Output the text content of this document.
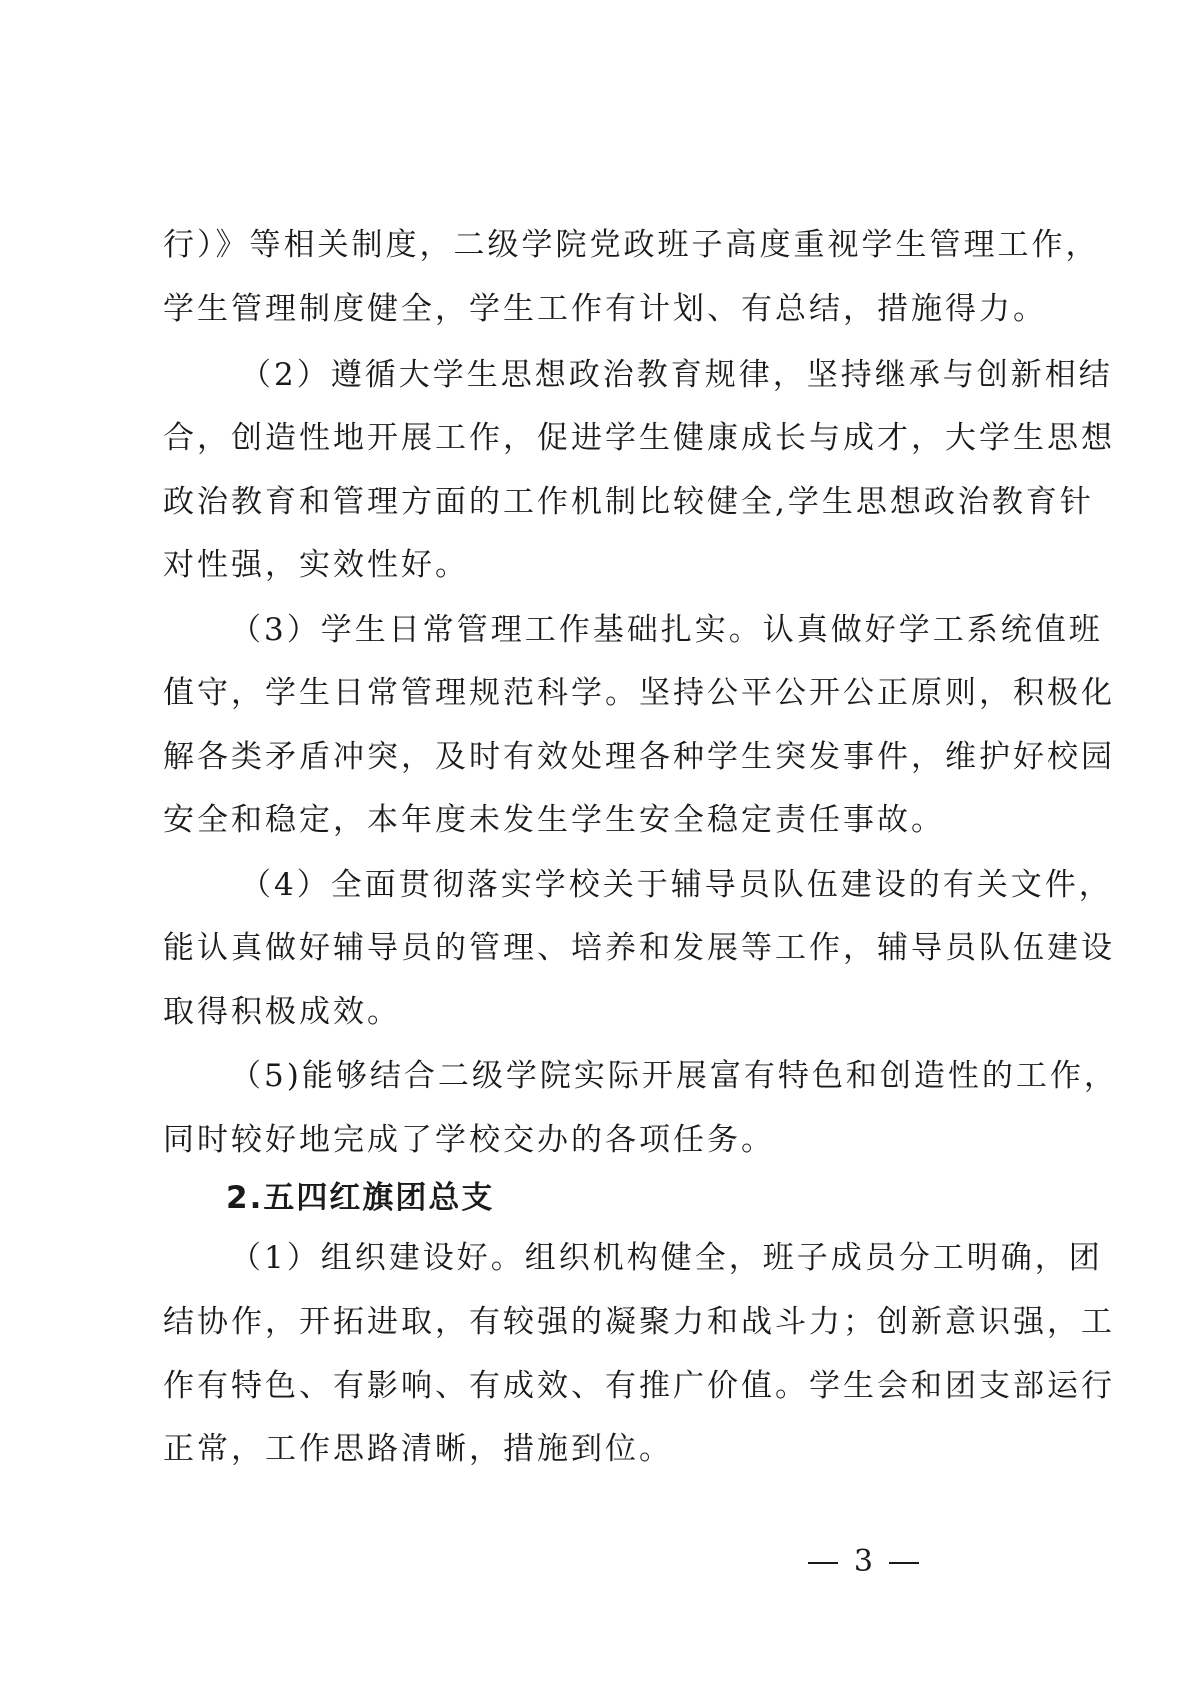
行）》等相关制度，二级学院党政班子高度重视学生管理工作，
学生管理制度健全，学生工作有计划、有总结，措施得力。
（2）遵循大学生思想政治教育规律，坚持继承与创新相结
合，创造性地开展工作，促进学生健康成长与成才，大学生思想
政治教育和管理方面的工作机制比较健全,学生思想政治教育针
对性强，实效性好。
（3）学生日常管理工作基础扎实。认真做好学工系统值班
值守，学生日常管理规范科学。坚持公平公开公正原则，积极化
解各类矛盾冲突，及时有效处理各种学生突发事件，维护好校园
安全和稳定，本年度未发生学生安全稳定责任事故。
（4）全面贯彻落实学校关于辅导员队伍建设的有关文件，
能认真做好辅导员的管理、培养和发展等工作，辅导员队伍建设
取得积极成效。
（5)能够结合二级学院实际开展富有特色和创造性的工作，
同时较好地完成了学校交办的各项任务。
2.五四红旗团总支
（1）组织建设好。组织机构健全，班子成员分工明确，团
结协作，开拓进取，有较强的凝聚力和战斗力；创新意识强，工
作有特色、有影响、有成效、有推广价值。学生会和团支部运行
正常，工作思路清晰，措施到位。
3
